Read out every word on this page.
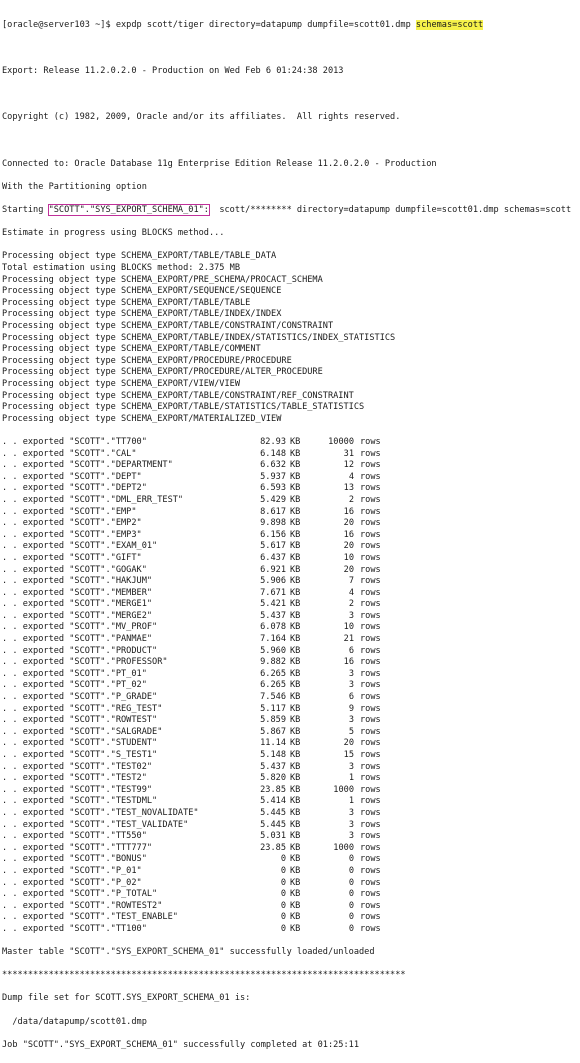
[oracle@server103 ~]$ expdp scott/tiger directory=datapump dumpfile=scott01.dmp schemas=scott

Export: Release 11.2.0.2.0 - Production on Wed Feb 6 01:24:38 2013

Copyright (c) 1982, 2009, Oracle and/or its affiliates.  All rights reserved.

Connected to: Oracle Database 11g Enterprise Edition Release 11.2.0.2.0 - Production

With the Partitioning option

Starting "SCOTT"."SYS_EXPORT_SCHEMA_01":  scott/******** directory=datapump dumpfile=scott01.dmp schemas=scott

Estimate in progress using BLOCKS method...

Processing object type SCHEMA_EXPORT/TABLE/TABLE_DATA
Total estimation using BLOCKS method: 2.375 MB
Processing object type SCHEMA_EXPORT/PRE_SCHEMA/PROCACT_SCHEMA
Processing object type SCHEMA_EXPORT/SEQUENCE/SEQUENCE
Processing object type SCHEMA_EXPORT/TABLE/TABLE
Processing object type SCHEMA_EXPORT/TABLE/INDEX/INDEX
Processing object type SCHEMA_EXPORT/TABLE/CONSTRAINT/CONSTRAINT
Processing object type SCHEMA_EXPORT/TABLE/INDEX/STATISTICS/INDEX_STATISTICS
Processing object type SCHEMA_EXPORT/TABLE/COMMENT
Processing object type SCHEMA_EXPORT/PROCEDURE/PROCEDURE
Processing object type SCHEMA_EXPORT/PROCEDURE/ALTER_PROCEDURE
Processing object type SCHEMA_EXPORT/VIEW/VIEW
Processing object type SCHEMA_EXPORT/TABLE/CONSTRAINT/REF_CONSTRAINT
Processing object type SCHEMA_EXPORT/TABLE/STATISTICS/TABLE_STATISTICS
Processing object type SCHEMA_EXPORT/MATERIALIZED_VIEW

. . exported "SCOTT"."TT700"	82.93 KB	10000 rows
. . exported "SCOTT"."CAL"	6.148 KB	31 rows
. . exported "SCOTT"."DEPARTMENT"	6.632 KB	12 rows
. . exported "SCOTT"."DEPT"	5.937 KB	4 rows
. . exported "SCOTT"."DEPT2"	6.593 KB	13 rows
. . exported "SCOTT"."DML_ERR_TEST"	5.429 KB	2 rows
. . exported "SCOTT"."EMP"	8.617 KB	16 rows
. . exported "SCOTT"."EMP2"	9.898 KB	20 rows
. . exported "SCOTT"."EMP3"	6.156 KB	16 rows
. . exported "SCOTT"."EXAM_01"	5.617 KB	20 rows
. . exported "SCOTT"."GIFT"	6.437 KB	10 rows
. . exported "SCOTT"."GOGAK"	6.921 KB	20 rows
. . exported "SCOTT"."HAKJUM"	5.906 KB	7 rows
. . exported "SCOTT"."MEMBER"	7.671 KB	4 rows
. . exported "SCOTT"."MERGE1"	5.421 KB	2 rows
. . exported "SCOTT"."MERGE2"	5.437 KB	3 rows
. . exported "SCOTT"."MV_PROF"	6.078 KB	10 rows
. . exported "SCOTT"."PANMAE"	7.164 KB	21 rows
. . exported "SCOTT"."PRODUCT"	5.960 KB	6 rows
. . exported "SCOTT"."PROFESSOR"	9.882 KB	16 rows
. . exported "SCOTT"."PT_01"	6.265 KB	3 rows
. . exported "SCOTT"."PT_02"	6.265 KB	3 rows
. . exported "SCOTT"."P_GRADE"	7.546 KB	6 rows
. . exported "SCOTT"."REG_TEST"	5.117 KB	9 rows
. . exported "SCOTT"."ROWTEST"	5.859 KB	3 rows
. . exported "SCOTT"."SALGRADE"	5.867 KB	5 rows
. . exported "SCOTT"."STUDENT"	11.14 KB	20 rows
. . exported "SCOTT"."S_TEST1"	5.148 KB	15 rows
. . exported "SCOTT"."TEST02"	5.437 KB	3 rows
. . exported "SCOTT"."TEST2"	5.820 KB	1 rows
. . exported "SCOTT"."TEST99"	23.85 KB	1000 rows
. . exported "SCOTT"."TESTDML"	5.414 KB	1 rows
. . exported "SCOTT"."TEST_NOVALIDATE"	5.445 KB	3 rows
. . exported "SCOTT"."TEST_VALIDATE"	5.445 KB	3 rows
. . exported "SCOTT"."TT550"	5.031 KB	3 rows
. . exported "SCOTT"."TTT777"	23.85 KB	1000 rows
. . exported "SCOTT"."BONUS"	0 KB	0 rows
. . exported "SCOTT"."P_01"	0 KB	0 rows
. . exported "SCOTT"."P_02"	0 KB	0 rows
. . exported "SCOTT"."P_TOTAL"	0 KB	0 rows
. . exported "SCOTT"."ROWTEST2"	0 KB	0 rows
. . exported "SCOTT"."TEST_ENABLE"	0 KB	0 rows
. . exported "SCOTT"."TT100"	0 KB	0 rows

Master table "SCOTT"."SYS_EXPORT_SCHEMA_01" successfully loaded/unloaded

******************************************************************************

Dump file set for SCOTT.SYS_EXPORT_SCHEMA_01 is:

/data/datapump/scott01.dmp

Job "SCOTT"."SYS_EXPORT_SCHEMA_01" successfully completed at 01:25:11
